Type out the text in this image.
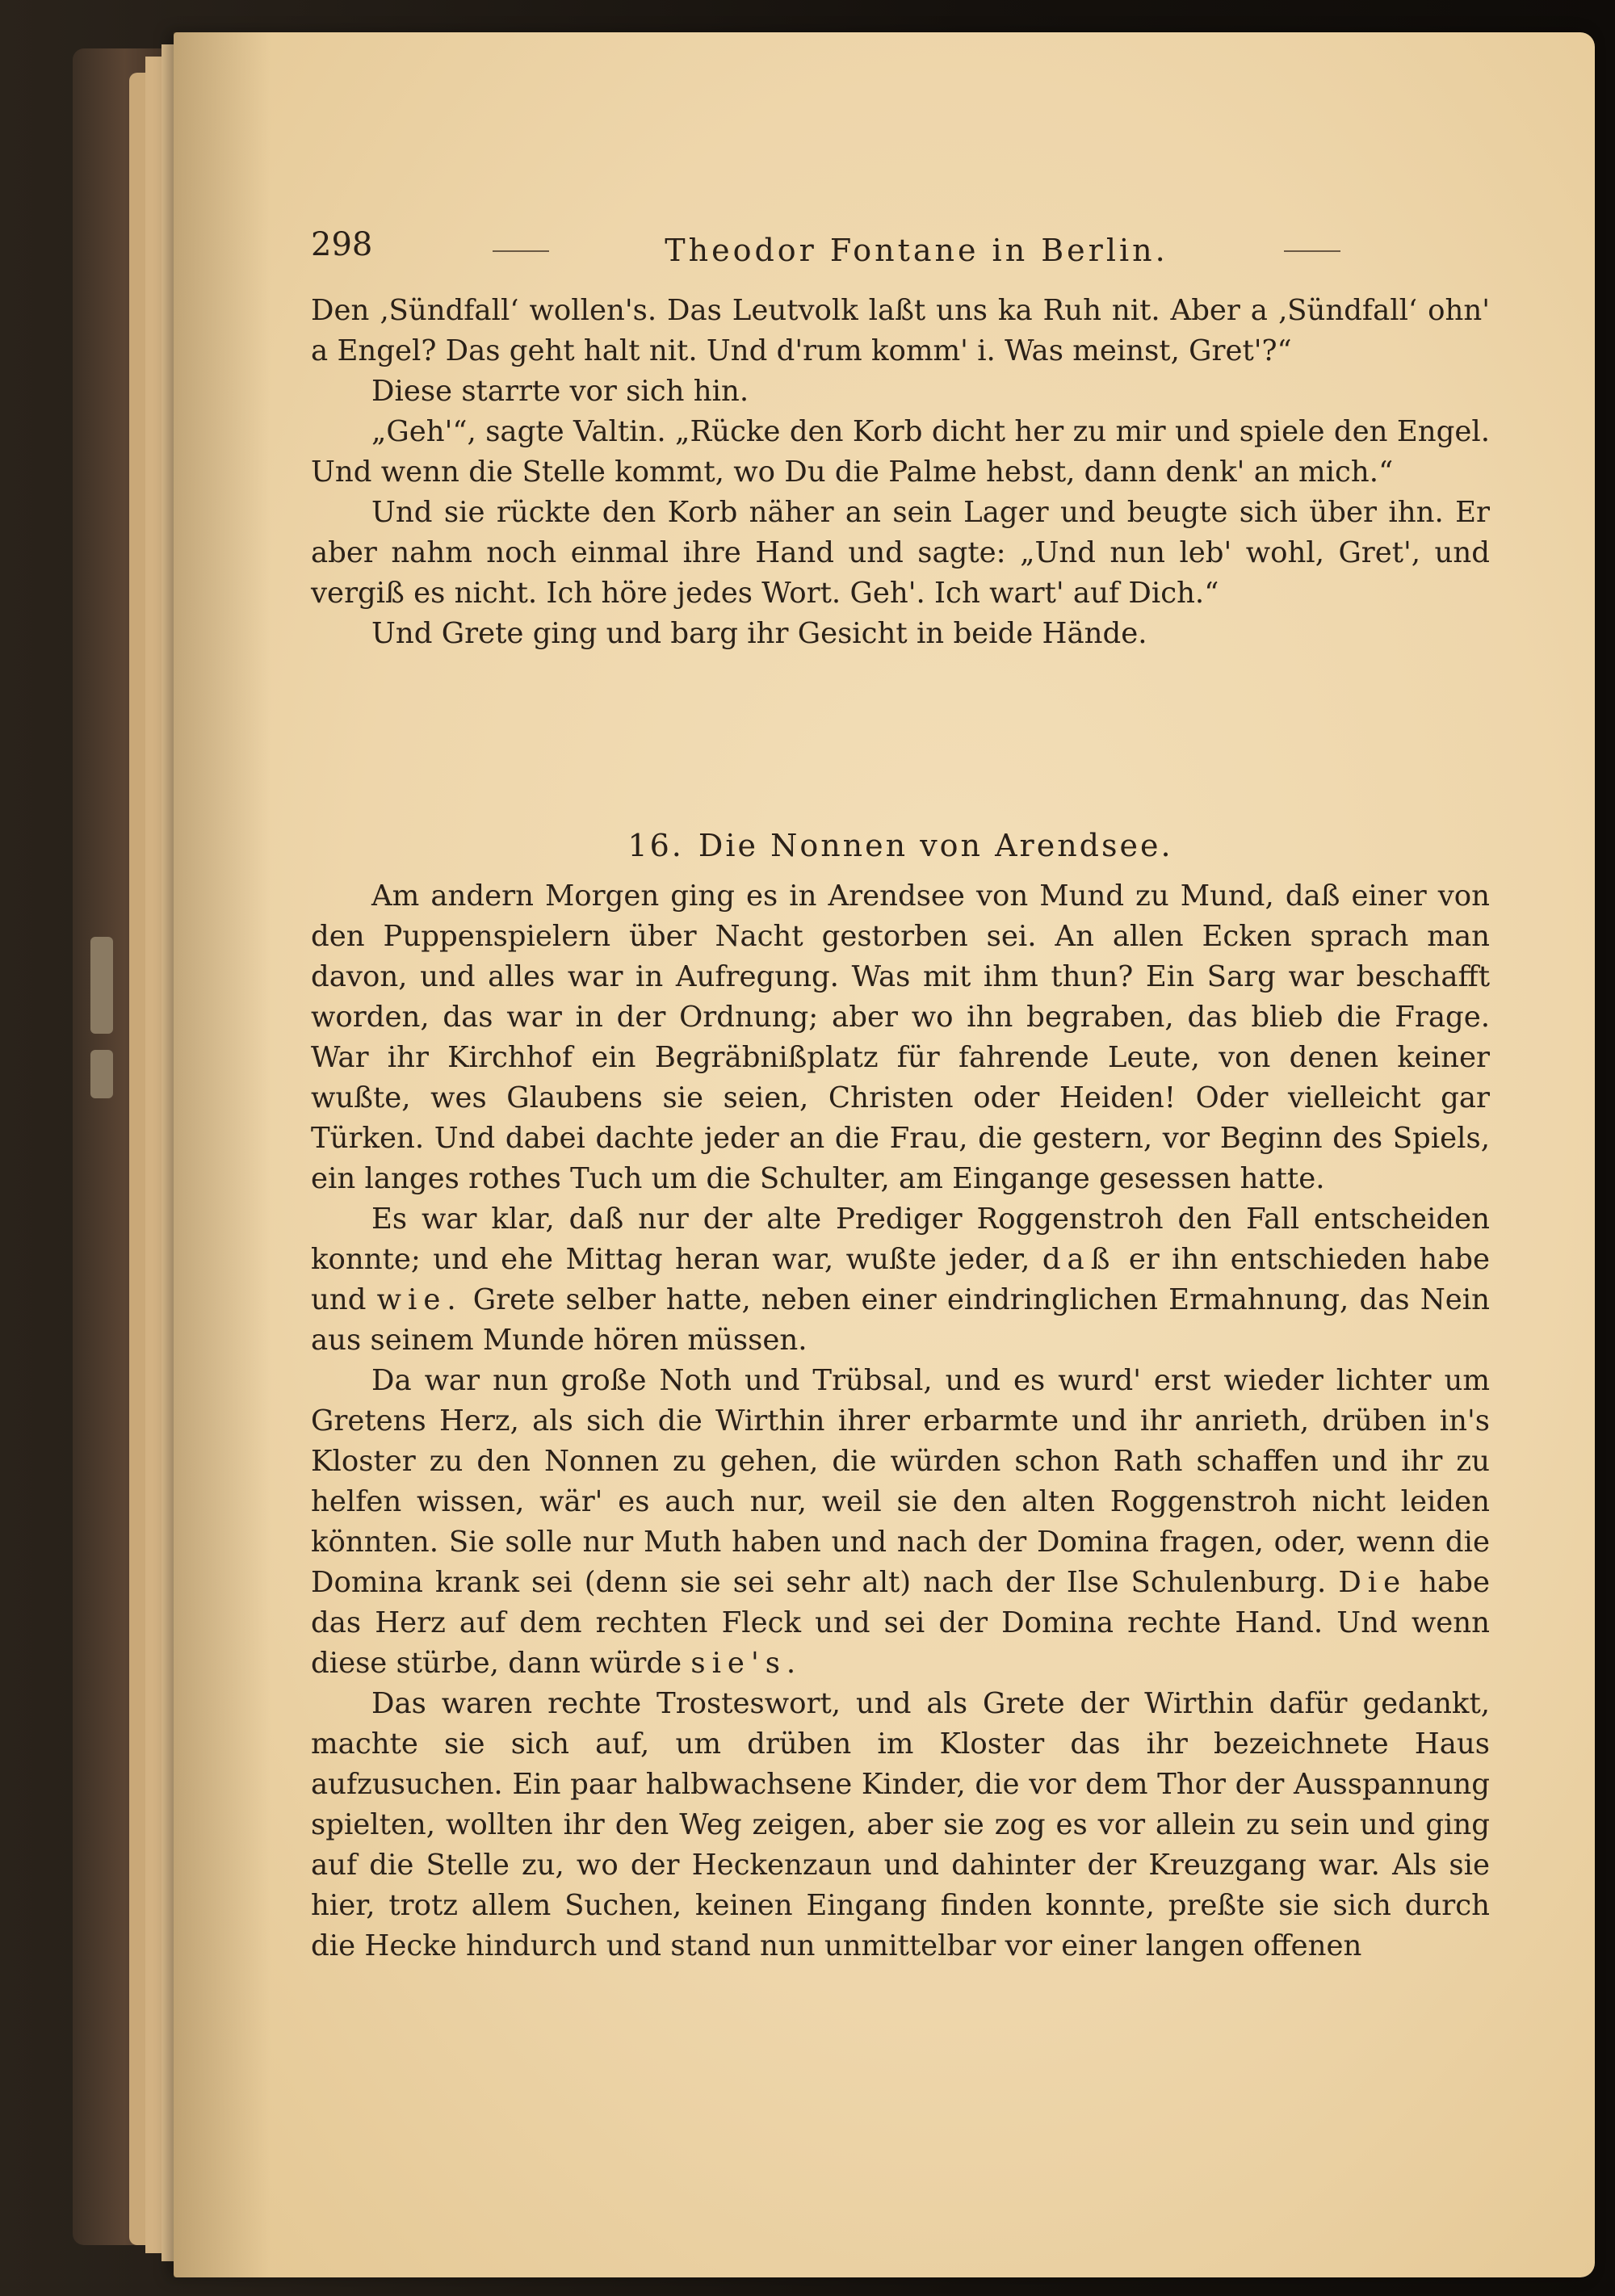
298	Theodor Fontane in Berlin.

Den ‚Sündfall‘ wollen's. Das Leutvolk laßt uns ka Ruh nit. Aber a ‚Sündfall‘ ohn' a Engel? Das geht halt nit. Und d'rum komm' i. Was meinst, Gret'?“

Diese starrte vor sich hin.

„Geh'“, sagte Valtin. „Rücke den Korb dicht her zu mir und spiele den Engel. Und wenn die Stelle kommt, wo Du die Palme hebst, dann denk' an mich.“

Und sie rückte den Korb näher an sein Lager und beugte sich über ihn. Er aber nahm noch einmal ihre Hand und sagte: „Und nun leb' wohl, Gret', und vergiß es nicht. Ich höre jedes Wort. Geh'. Ich wart' auf Dich.“

Und Grete ging und barg ihr Gesicht in beide Hände.

16. Die Nonnen von Arendsee.

Am andern Morgen ging es in Arendsee von Mund zu Mund, daß einer von den Puppenspielern über Nacht gestorben sei. An allen Ecken sprach man davon, und alles war in Aufregung. Was mit ihm thun? Ein Sarg war beschafft worden, das war in der Ordnung; aber wo ihn begraben, das blieb die Frage. War ihr Kirchhof ein Begräbnißplatz für fahrende Leute, von denen keiner wußte, wes Glaubens sie seien, Christen oder Heiden! Oder vielleicht gar Türken. Und dabei dachte jeder an die Frau, die gestern, vor Beginn des Spiels, ein langes rothes Tuch um die Schulter, am Eingange gesessen hatte.

Es war klar, daß nur der alte Prediger Roggenstroh den Fall entscheiden konnte; und ehe Mittag heran war, wußte jeder, daß er ihn entschieden habe und wie. Grete selber hatte, neben einer eindringlichen Ermahnung, das Nein aus seinem Munde hören müssen.

Da war nun große Noth und Trübsal, und es wurd' erst wieder lichter um Gretens Herz, als sich die Wirthin ihrer erbarmte und ihr anrieth, drüben in's Kloster zu den Nonnen zu gehen, die würden schon Rath schaffen und ihr zu helfen wissen, wär' es auch nur, weil sie den alten Roggenstroh nicht leiden könnten. Sie solle nur Muth haben und nach der Domina fragen, oder, wenn die Domina krank sei (denn sie sei sehr alt) nach der Ilse Schulenburg. Die habe das Herz auf dem rechten Fleck und sei der Domina rechte Hand. Und wenn diese stürbe, dann würde sie's.

Das waren rechte Trosteswort, und als Grete der Wirthin dafür gedankt, machte sie sich auf, um drüben im Kloster das ihr bezeichnete Haus aufzusuchen. Ein paar halbwachsene Kinder, die vor dem Thor der Ausspannung spielten, wollten ihr den Weg zeigen, aber sie zog es vor allein zu sein und ging auf die Stelle zu, wo der Heckenzaun und dahinter der Kreuzgang war. Als sie hier, trotz allem Suchen, keinen Eingang finden konnte, preßte sie sich durch die Hecke hindurch und stand nun unmittelbar vor einer langen offenen
